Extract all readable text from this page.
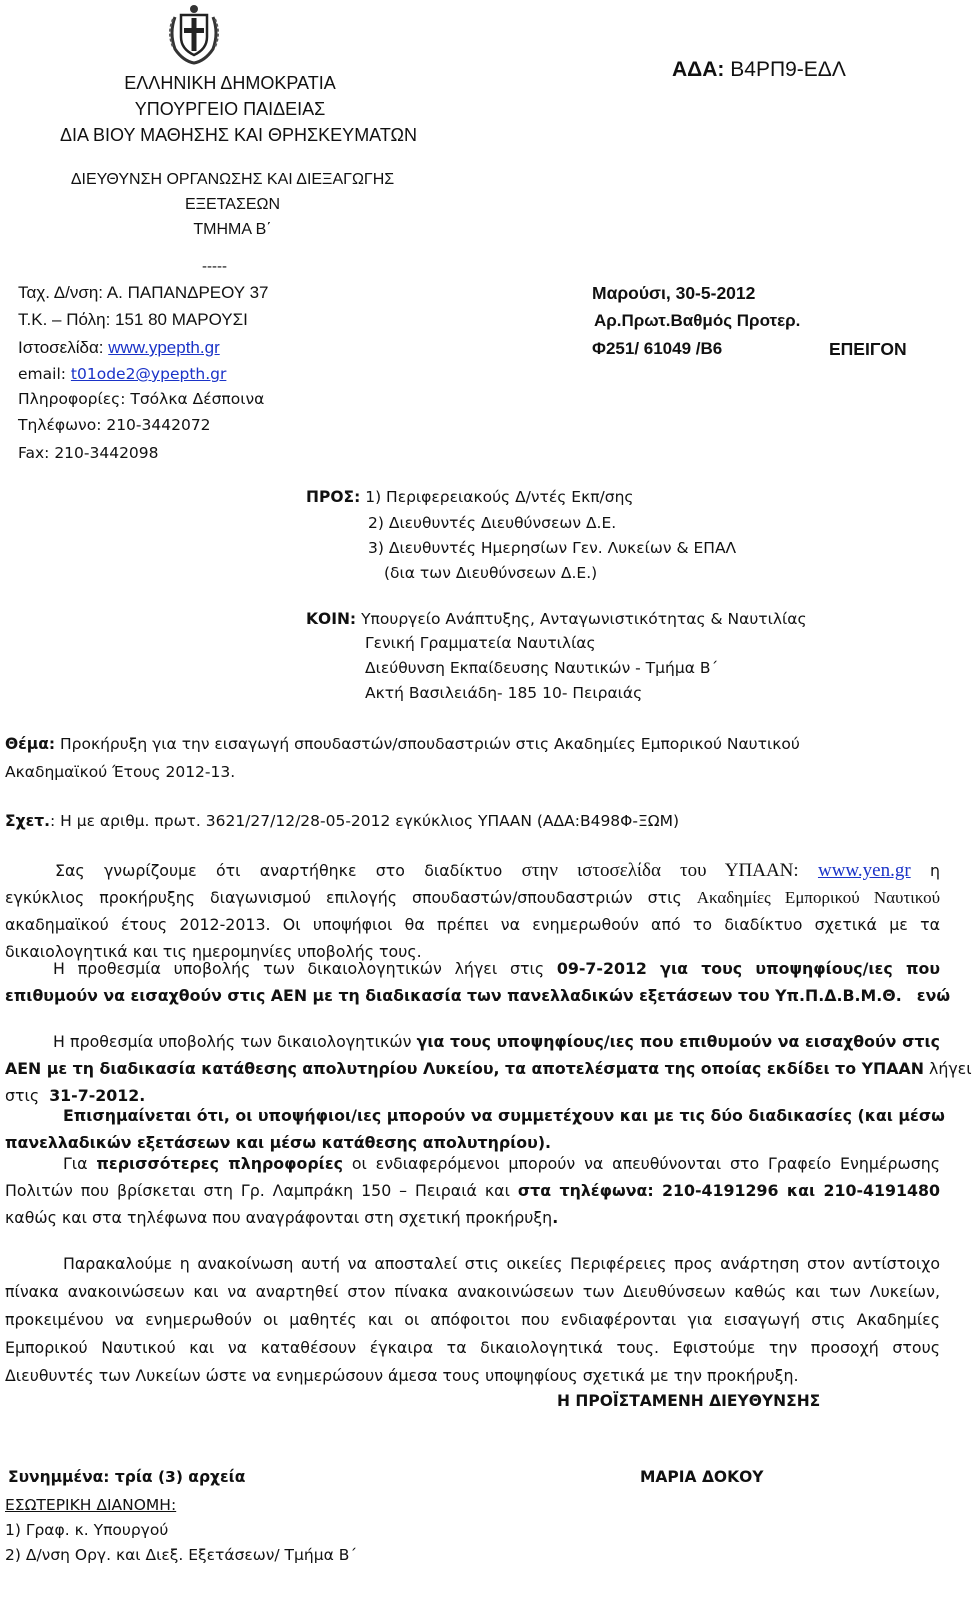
ΕΛΛΗΝΙΚΗ ΔΗΜΟΚΡΑΤΙΑ
ΥΠΟΥΡΓΕΙΟ ΠΑΙΔΕΙΑΣ
ΔΙΑ ΒΙΟΥ ΜΑΘΗΣΗΣ ΚΑΙ ΘΡΗΣΚΕΥΜΑΤΩΝ
ΔΙΕΥΘΥΝΣΗ ΟΡΓΑΝΩΣΗΣ ΚΑΙ ΔΙΕΞΑΓΩΓΗΣ
ΕΞΕΤΑΣΕΩΝ
ΤΜΗΜΑ Β΄
ΑΔΑ: Β4ΡΠ9-ΕΔΛ
-----
Ταχ. Δ/νση: Α. ΠΑΠΑΝΔΡΕΟΥ 37
Τ.Κ. – Πόλη: 151 80 ΜΑΡΟΥΣΙ
Ιστοσελίδα: www.ypepth.gr
email: t01ode2@ypepth.gr
Πληροφορίες: Τσόλκα Δέσποινα
Τηλέφωνο: 210-3442072
Fax: 210-3442098
Μαρούσι, 30-5-2012
Αρ.Πρωτ.Βαθμός Προτερ.
Φ251/ 61049 /Β6	ΕΠΕΙΓΟΝ
ΠΡΟΣ: 1) Περιφερειακούς Δ/ντές Εκπ/σης
2) Διευθυντές Διευθύνσεων Δ.Ε.
3) Διευθυντές Ημερησίων Γεν. Λυκείων & ΕΠΑΛ
(δια των Διευθύνσεων Δ.Ε.)
ΚΟΙΝ: Υπουργείο Ανάπτυξης, Ανταγωνιστικότητας & Ναυτιλίας
Γενική Γραμματεία Ναυτιλίας
Διεύθυνση Εκπαίδευσης Ναυτικών - Τμήμα Β΄
Ακτή Βασιλειάδη- 185 10- Πειραιάς
Θέμα: Προκήρυξη για την εισαγωγή σπουδαστών/σπουδαστριών στις Ακαδημίες Εμπορικού Ναυτικού
Ακαδημαϊκού Έτους 2012-13.
Σχετ.: Η με αριθμ. πρωτ. 3621/27/12/28-05-2012 εγκύκλιος ΥΠΑΑΝ (ΑΔΑ:Β498Φ-ΞΩΜ)
Σας γνωρίζουμε ότι αναρτήθηκε στο διαδίκτυο στην ιστοσελίδα του ΥΠΑΑΝ: www.yen.gr η
εγκύκλιος προκήρυξης διαγωνισμού επιλογής σπουδαστών/σπουδαστριών στις Ακαδημίες Εμπορικού Ναυτικού
ακαδημαϊκού έτους 2012-2013. Οι υποψήφιοι θα πρέπει να ενημερωθούν από το διαδίκτυο σχετικά με τα
δικαιολογητικά και τις ημερομηνίες υποβολής τους.
Η προθεσμία υποβολής των δικαιολογητικών λήγει στις 09-7-2012 για τους υποψηφίους/ιες που
επιθυμούν να εισαχθούν στις ΑΕΝ με τη διαδικασία των πανελλαδικών εξετάσεων του Υπ.Π.Δ.Β.Μ.Θ. ενώ
Η προθεσμία υποβολής των δικαιολογητικών για τους υποψηφίους/ιες που επιθυμούν να εισαχθούν στις
ΑΕΝ με τη διαδικασία κατάθεσης απολυτηρίου Λυκείου, τα αποτελέσματα της οποίας εκδίδει το ΥΠΑΑΝ λήγει
στις 31-7-2012.
Επισημαίνεται ότι, οι υποψήφιοι/ιες μπορούν να συμμετέχουν και με τις δύο διαδικασίες (και μέσω
πανελλαδικών εξετάσεων και μέσω κατάθεσης απολυτηρίου).
Για περισσότερες πληροφορίες οι ενδιαφερόμενοι μπορούν να απευθύνονται στο Γραφείο Ενημέρωσης
Πολιτών που βρίσκεται στη Γρ. Λαμπράκη 150 – Πειραιά και στα τηλέφωνα: 210-4191296 και 210-4191480
καθώς και στα τηλέφωνα που αναγράφονται στη σχετική προκήρυξη.
Παρακαλούμε η ανακοίνωση αυτή να αποσταλεί στις οικείες Περιφέρειες προς ανάρτηση στον αντίστοιχο
πίνακα ανακοινώσεων και να αναρτηθεί στον πίνακα ανακοινώσεων των Διευθύνσεων καθώς και των Λυκείων,
προκειμένου να ενημερωθούν οι μαθητές και οι απόφοιτοι που ενδιαφέρονται για εισαγωγή στις Ακαδημίες
Εμπορικού Ναυτικού και να καταθέσουν έγκαιρα τα δικαιολογητικά τους. Εφιστούμε την προσοχή στους
Διευθυντές των Λυκείων ώστε να ενημερώσουν άμεσα τους υποψηφίους σχετικά με την προκήρυξη.
Η ΠΡΟΪΣΤΑΜΕΝΗ ΔΙΕΥΘΥΝΣΗΣ
Συνημμένα: τρία (3) αρχεία	ΜΑΡΙΑ ΔΟΚΟΥ
ΕΣΩΤΕΡΙΚΗ ΔΙΑΝΟΜΗ:
1) Γραφ. κ. Υπουργού
2) Δ/νση Οργ. και Διεξ. Εξετάσεων/ Τμήμα Β΄
